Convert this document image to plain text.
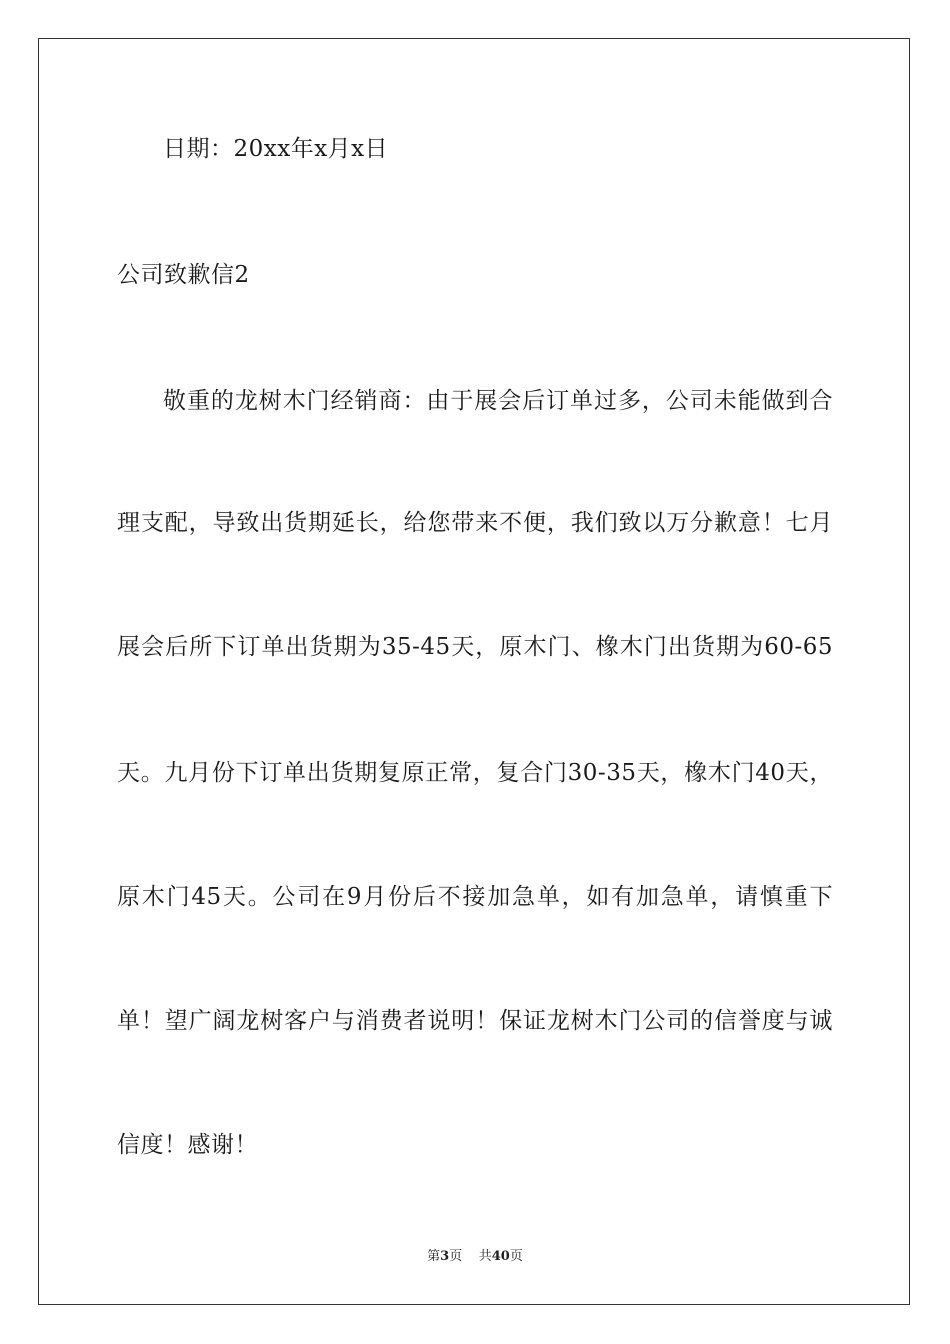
日期：20xx年x月x日
公司致歉信2
敬重的龙树木门经销商：由于展会后订单过多，公司未能做到合
理支配，导致出货期延长，给您带来不便，我们致以万分歉意！七月
展会后所下订单出货期为35-45天，原木门、橡木门出货期为60-65
天。九月份下订单出货期复原正常，复合门30-35天，橡木门40天，
原木门45天。公司在9月份后不接加急单，如有加急单，请慎重下
单！望广阔龙树客户与消费者说明！保证龙树木门公司的信誉度与诚
信度！感谢！
第3页 共40页
